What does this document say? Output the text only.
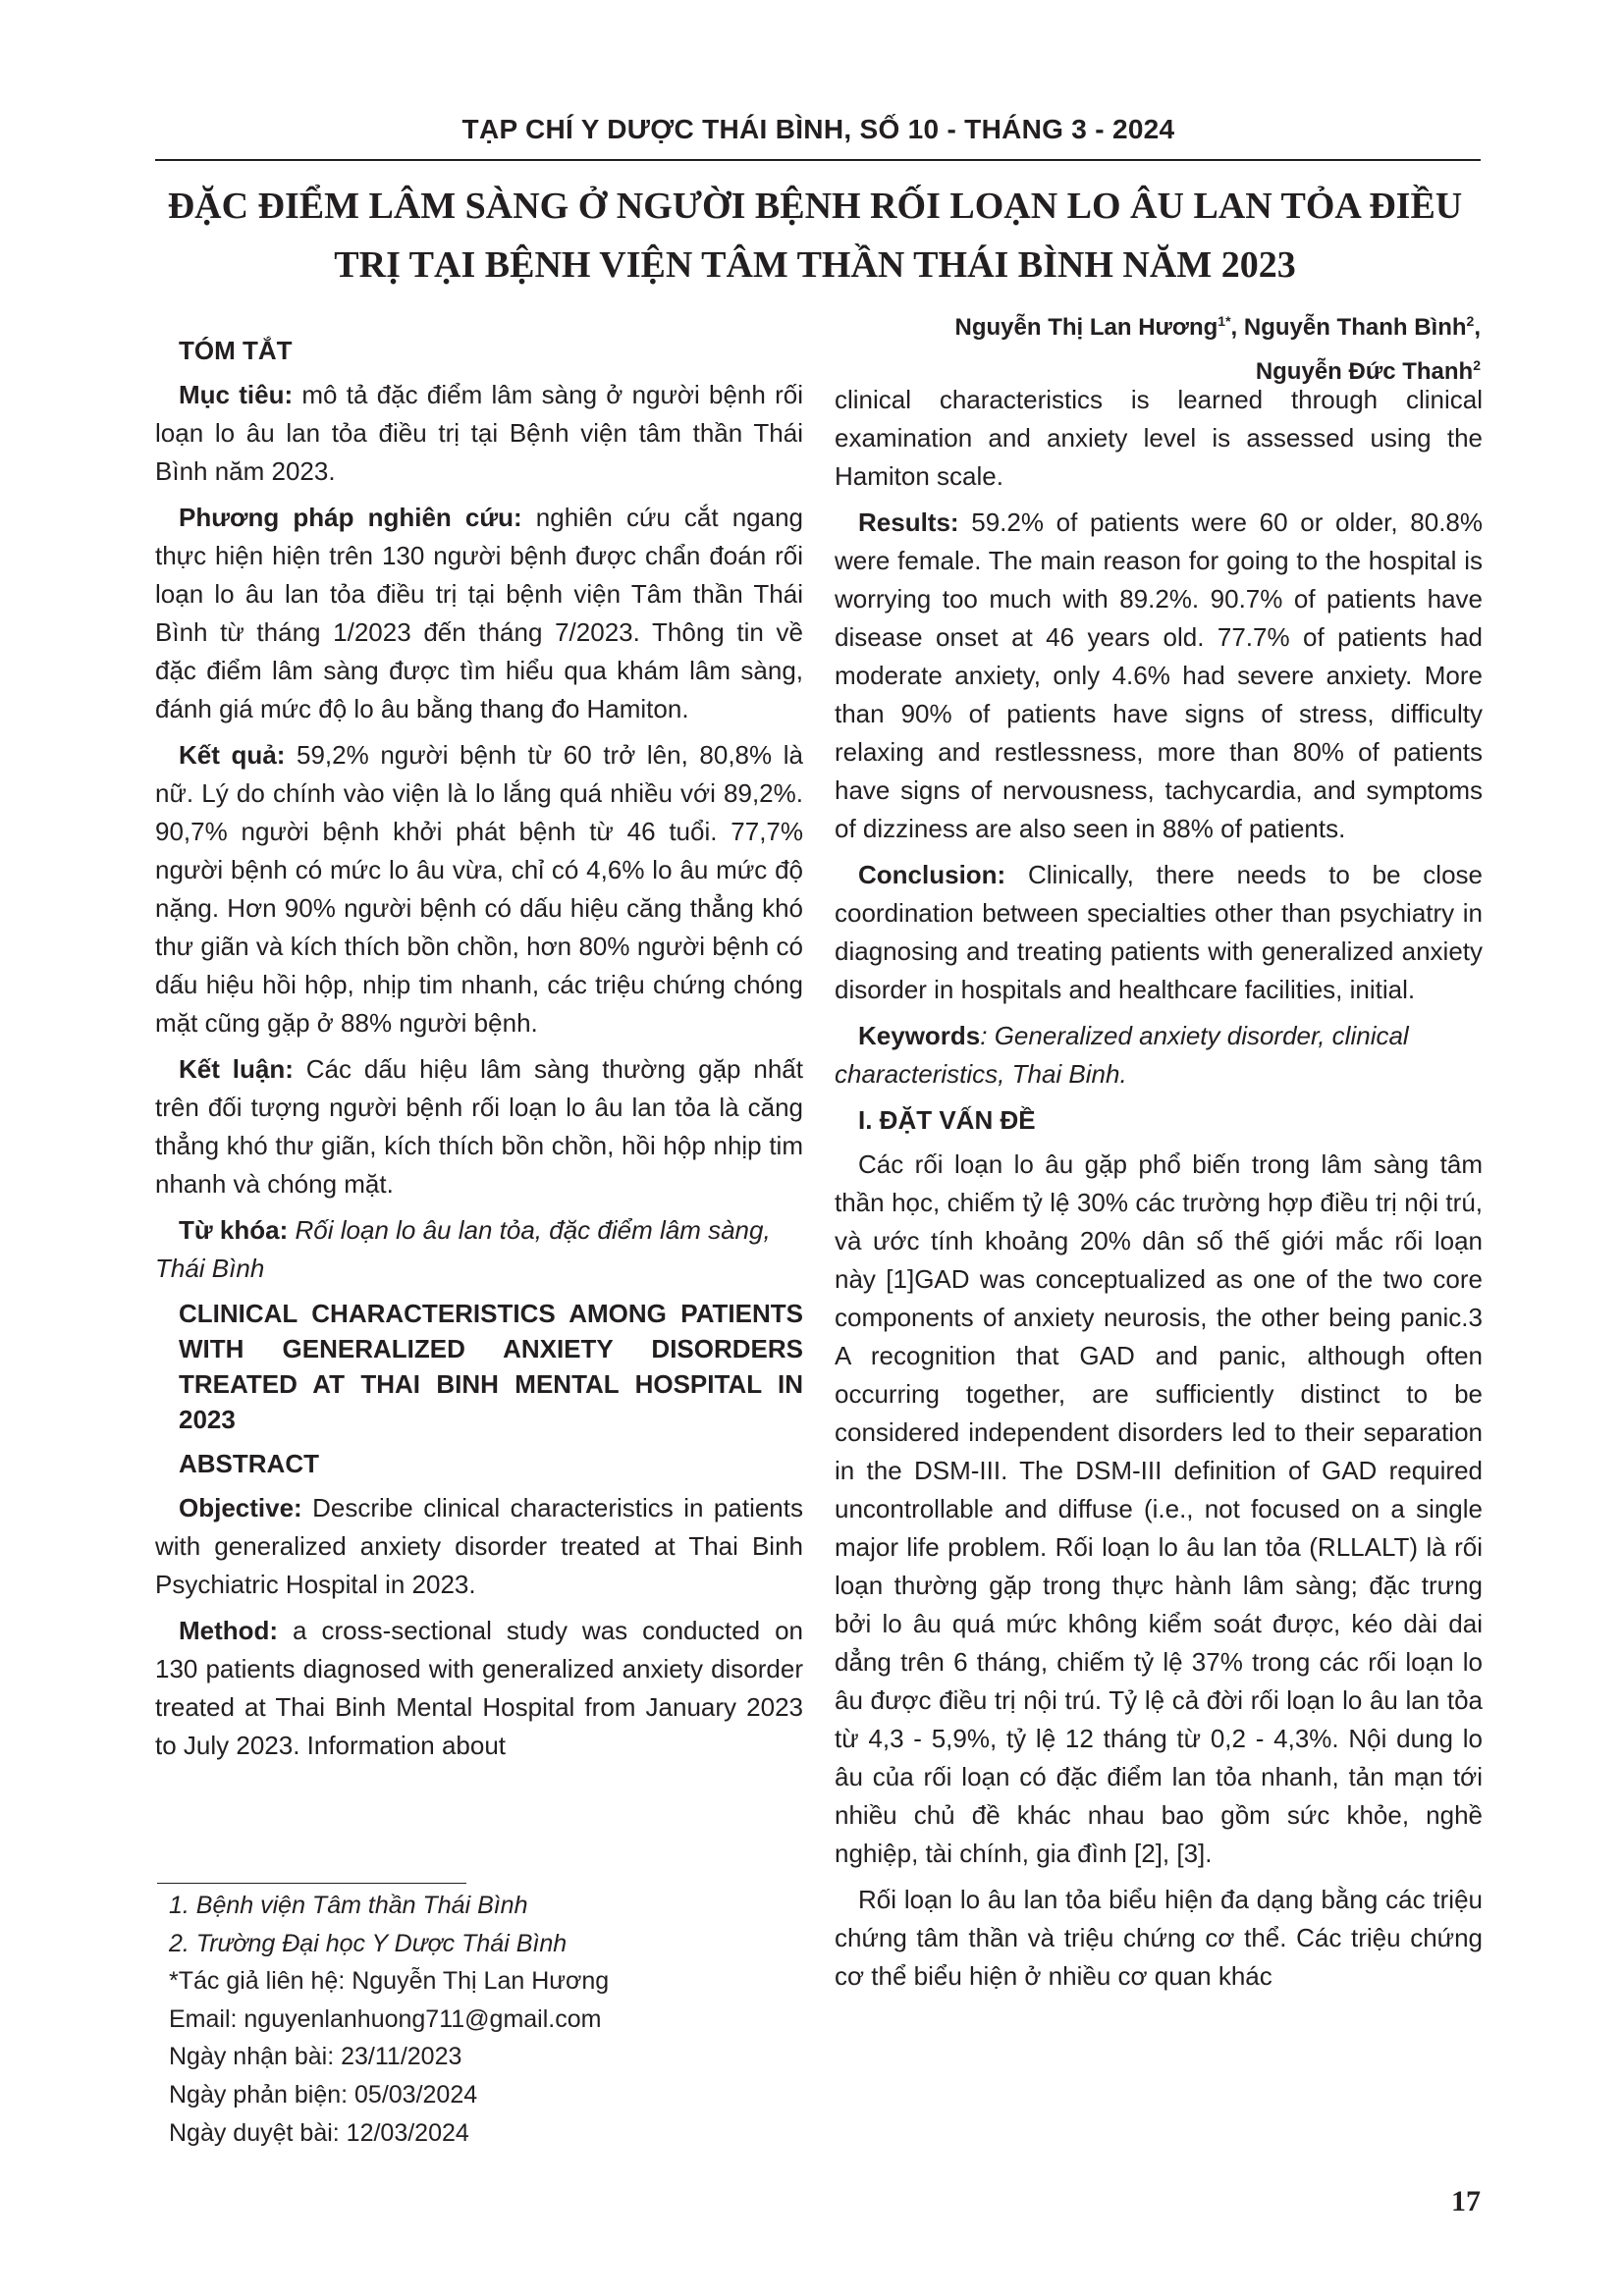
TẠP CHÍ Y DƯỢC THÁI BÌNH, SỐ 10 - THÁNG 3 - 2024
ĐẶC ĐIỂM LÂM SÀNG Ở NGƯỜI BỆNH RỐI LOẠN LO ÂU LAN TỎA ĐIỀU
TRỊ TẠI BỆNH VIỆN TÂM THẦN THÁI BÌNH NĂM 2023
Nguyễn Thị Lan Hương$^{1*}$, Nguyễn Thanh Bình$^2$,
Nguyễn Đức Thanh$^2$
TÓM TẮT

Mục tiêu: mô tả đặc điểm lâm sàng ở người bệnh rối loạn lo âu lan tỏa điều trị tại Bệnh viện tâm thần Thái Bình năm 2023.

Phương pháp nghiên cứu: nghiên cứu cắt ngang thực hiện hiện trên 130 người bệnh được chẩn đoán rối loạn lo âu lan tỏa điều trị tại bệnh viện Tâm thần Thái Bình từ tháng 1/2023 đến tháng 7/2023. Thông tin về đặc điểm lâm sàng được tìm hiểu qua khám lâm sàng, đánh giá mức độ lo âu bằng thang đo Hamiton.

Kết quả: 59,2% người bệnh từ 60 trở lên, 80,8% là nữ. Lý do chính vào viện là lo lắng quá nhiều với 89,2%. 90,7% người bệnh khởi phát bệnh từ 46 tuổi. 77,7% người bệnh có mức lo âu vừa, chỉ có 4,6% lo âu mức độ nặng. Hơn 90% người bệnh có dấu hiệu căng thẳng khó thư giãn và kích thích bồn chồn, hơn 80% người bệnh có dấu hiệu hồi hộp, nhịp tim nhanh, các triệu chứng chóng mặt cũng gặp ở 88% người bệnh.

Kết luận: Các dấu hiệu lâm sàng thường gặp nhất trên đối tượng người bệnh rối loạn lo âu lan tỏa là căng thẳng khó thư giãn, kích thích bồn chồn, hồi hộp nhịp tim nhanh và chóng mặt.

Từ khóa: Rối loạn lo âu lan tỏa, đặc điểm lâm sàng, Thái Bình

CLINICAL CHARACTERISTICS AMONG PATIENTS WITH GENERALIZED ANXIETY DISORDERS TREATED AT THAI BINH MENTAL HOSPITAL IN 2023
ABSTRACT

Objective: Describe clinical characteristics in patients with generalized anxiety disorder treated at Thai Binh Psychiatric Hospital in 2023.

Method: a cross-sectional study was conducted on 130 patients diagnosed with generalized anxiety disorder treated at Thai Binh Mental Hospital from January 2023 to July 2023. Information about

clinical characteristics is learned through clinical examination and anxiety level is assessed using the Hamiton scale.

Results: 59.2% of patients were 60 or older, 80.8% were female. The main reason for going to the hospital is worrying too much with 89.2%. 90.7% of patients have disease onset at 46 years old. 77.7% of patients had moderate anxiety, only 4.6% had severe anxiety. More than 90% of patients have signs of stress, difficulty relaxing and restlessness, more than 80% of patients have signs of nervousness, tachycardia, and symptoms of dizziness are also seen in 88% of patients.

Conclusion: Clinically, there needs to be close coordination between specialties other than psychiatry in diagnosing and treating patients with generalized anxiety disorder in hospitals and healthcare facilities, initial.

Keywords: Generalized anxiety disorder, clinical characteristics, Thai Binh.

I. ĐẶT VẤN ĐỀ

Các rối loạn lo âu gặp phổ biến trong lâm sàng tâm thần học, chiếm tỷ lệ 30% các trường hợp điều trị nội trú, và ước tính khoảng 20% dân số thế giới mắc rối loạn này [1]GAD was conceptualized as one of the two core components of anxiety neurosis, the other being panic.3 A recognition that GAD and panic, although often occurring together, are sufficiently distinct to be considered independent disorders led to their separation in the DSM-III. The DSM-III definition of GAD required uncontrollable and diffuse (i.e., not focused on a single major life problem. Rối loạn lo âu lan tỏa (RLLALT) là rối loạn thường gặp trong thực hành lâm sàng; đặc trưng bởi lo âu quá mức không kiểm soát được, kéo dài dai dẳng trên 6 tháng, chiếm tỷ lệ 37% trong các rối loạn lo âu được điều trị nội trú. Tỷ lệ cả đời rối loạn lo âu lan tỏa từ 4,3 - 5,9%, tỷ lệ 12 tháng từ 0,2 - 4,3%. Nội dung lo âu của rối loạn có đặc điểm lan tỏa nhanh, tản mạn tới nhiều chủ đề khác nhau bao gồm sức khỏe, nghề nghiệp, tài chính, gia đình [2], [3].

Rối loạn lo âu lan tỏa biểu hiện đa dạng bằng các triệu chứng tâm thần và triệu chứng cơ thể. Các triệu chứng cơ thể biểu hiện ở nhiều cơ quan khác

1. Bệnh viện Tâm thần Thái Bình
2. Trường Đại học Y Dược Thái Bình
*Tác giả liên hệ: Nguyễn Thị Lan Hương
Email: nguyenlanhuong711@gmail.com
Ngày nhận bài: 23/11/2023
Ngày phản biện: 05/03/2024
Ngày duyệt bài: 12/03/2024
17
